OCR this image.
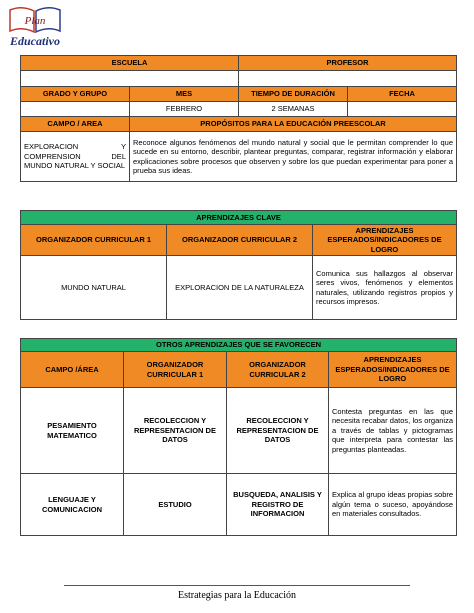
Plan
Educativo
ESCUELA		PROFESOR	

GRADO Y GRUPO	MES	TIEMPO DE DURACIÓN	FECHA
	FEBRERO	2 SEMANAS	
CAMPO / AREA	PROPÓSITOS PARA LA EDUCACIÓN PREESCOLAR		
EXPLORACION Y COMPRENSION DEL MUNDO NATURAL Y SOCIAL	Reconoce algunos fenómenos del mundo natural y social que le permitan comprender lo que sucede en su entorno, describir, plantear preguntas, comparar, registrar información y elaborar explicaciones sobre procesos que observen y sobre los que puedan experimentar para poner a prueba sus ideas.		
APRENDIZAJES CLAVE		
ORGANIZADOR CURRICULAR 1	ORGANIZADOR CURRICULAR 2	APRENDIZAJES ESPERADOS/INDICADORES DE LOGRO
MUNDO NATURAL	EXPLORACION DE LA NATURALEZA	Comunica sus hallazgos al observar seres vivos, fenómenos y elementos naturales, utilizando registros propios y recursos impresos.
OTROS APRENDIZAJES QUE SE FAVORECEN			
CAMPO /ÁREA	ORGANIZADOR CURRICULAR 1	ORGANIZADOR CURRICULAR 2	APRENDIZAJES ESPERADOS/INDICADORES DE LOGRO
PESAMIENTO MATEMATICO	RECOLECCION Y REPRESENTACION DE DATOS	RECOLECCION Y REPRESENTACION DE DATOS	Contesta preguntas en las que necesita recabar datos, los organiza a través de tablas y pictogramas que interpreta para contestar las preguntas planteadas.
LENGUAJE Y COMUNICACION	ESTUDIO	BUSQUEDA, ANALISIS Y REGISTRO DE INFORMACION	Explica al grupo ideas propias sobre algún tema o suceso, apoyándose en materiales consultados.
Estrategias para la Educación
